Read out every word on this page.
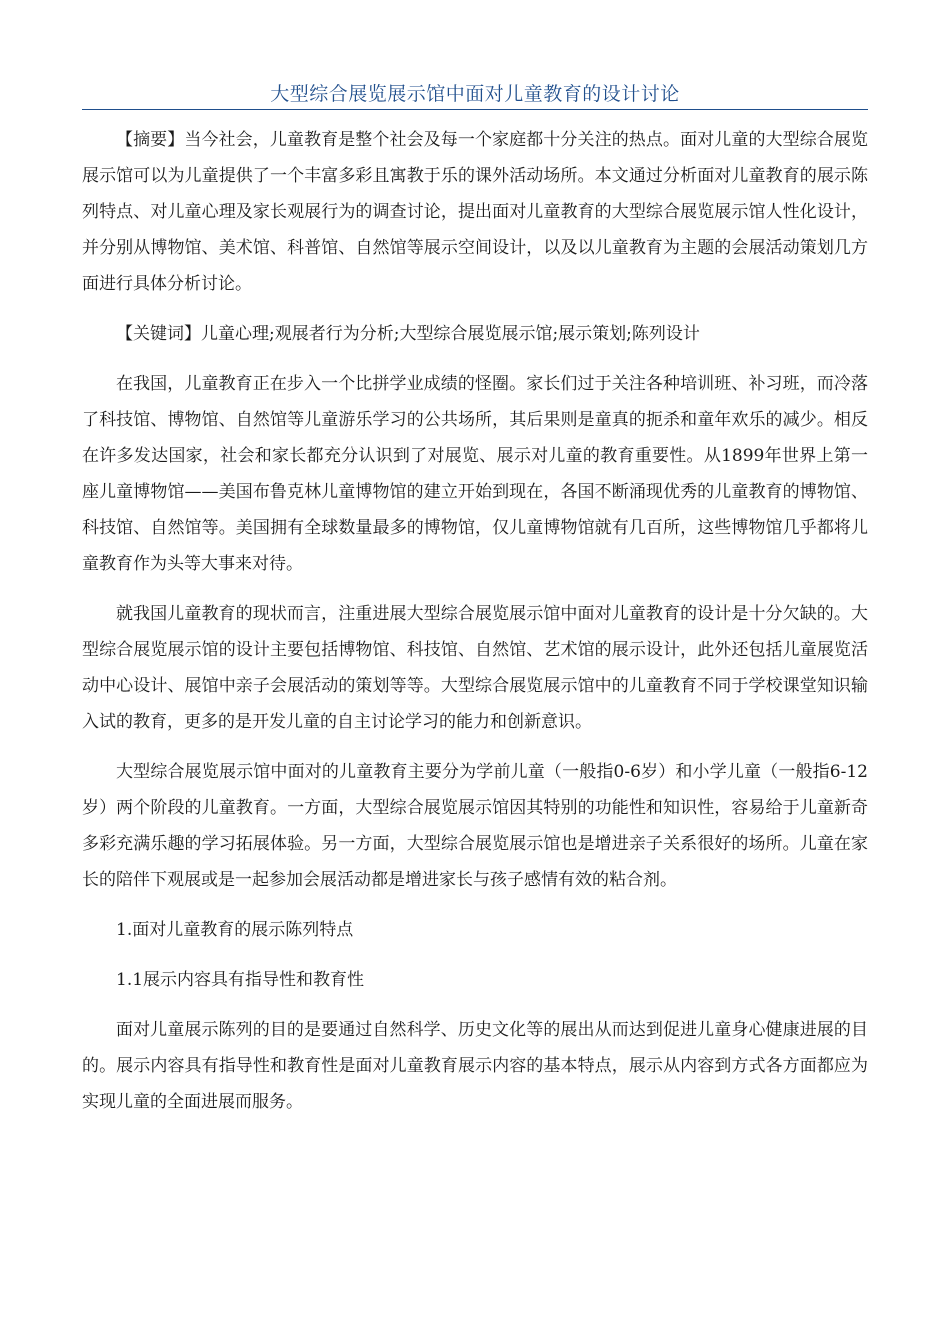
大型综合展览展示馆中面对儿童教育的设计讨论

【摘要】当今社会，儿童教育是整个社会及每一个家庭都十分关注的热点。面对儿童的大型综合展览展示馆可以为儿童提供了一个丰富多彩且寓教于乐的课外活动场所。本文通过分析面对儿童教育的展示陈列特点、对儿童心理及家长观展行为的调查讨论，提出面对儿童教育的大型综合展览展示馆人性化设计，并分别从博物馆、美术馆、科普馆、自然馆等展示空间设计，以及以儿童教育为主题的会展活动策划几方面进行具体分析讨论。

【关键词】儿童心理;观展者行为分析;大型综合展览展示馆;展示策划;陈列设计

在我国，儿童教育正在步入一个比拼学业成绩的怪圈。家长们过于关注各种培训班、补习班，而冷落了科技馆、博物馆、自然馆等儿童游乐学习的公共场所，其后果则是童真的扼杀和童年欢乐的减少。相反在许多发达国家，社会和家长都充分认识到了对展览、展示对儿童的教育重要性。从1899年世界上第一座儿童博物馆——美国布鲁克林儿童博物馆的建立开始到现在，各国不断涌现优秀的儿童教育的博物馆、科技馆、自然馆等。美国拥有全球数量最多的博物馆，仅儿童博物馆就有几百所，这些博物馆几乎都将儿童教育作为头等大事来对待。

就我国儿童教育的现状而言，注重进展大型综合展览展示馆中面对儿童教育的设计是十分欠缺的。大型综合展览展示馆的设计主要包括博物馆、科技馆、自然馆、艺术馆的展示设计，此外还包括儿童展览活动中心设计、展馆中亲子会展活动的策划等等。大型综合展览展示馆中的儿童教育不同于学校课堂知识输入试的教育，更多的是开发儿童的自主讨论学习的能力和创新意识。

大型综合展览展示馆中面对的儿童教育主要分为学前儿童（一般指0-6岁）和小学儿童（一般指6-12岁）两个阶段的儿童教育。一方面，大型综合展览展示馆因其特别的功能性和知识性，容易给于儿童新奇多彩充满乐趣的学习拓展体验。另一方面，大型综合展览展示馆也是增进亲子关系很好的场所。儿童在家长的陪伴下观展或是一起参加会展活动都是增进家长与孩子感情有效的粘合剂。

1.面对儿童教育的展示陈列特点

1.1展示内容具有指导性和教育性

面对儿童展示陈列的目的是要通过自然科学、历史文化等的展出从而达到促进儿童身心健康进展的目的。展示内容具有指导性和教育性是面对儿童教育展示内容的基本特点，展示从内容到方式各方面都应为实现儿童的全面进展而服务。
